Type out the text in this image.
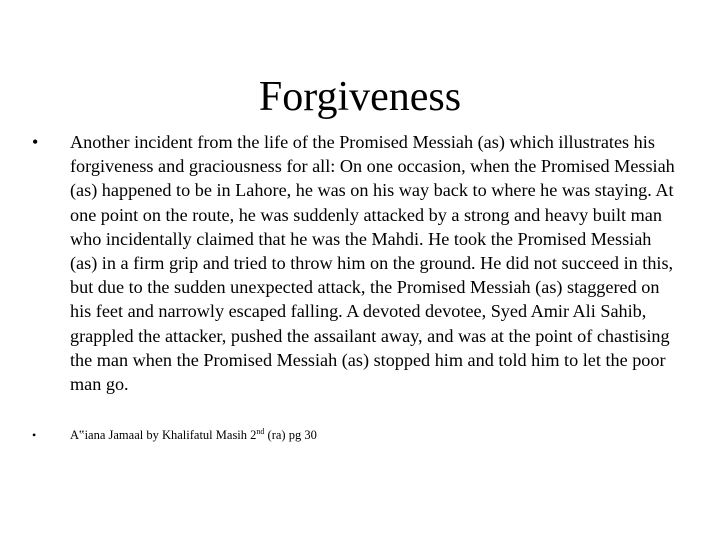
Forgiveness
• Another incident from the life of the Promised Messiah (as) which illustrates his forgiveness and graciousness for all: On one occasion, when the Promised Messiah (as) happened to be in Lahore, he was on his way back to where he was staying. At one point on the route, he was suddenly attacked by a strong and heavy built man who incidentally claimed that he was the Mahdi. He took the Promised Messiah (as) in a firm grip and tried to throw him on the ground. He did not succeed in this, but due to the sudden unexpected attack, the Promised Messiah (as) staggered on his feet and narrowly escaped falling. A devoted devotee, Syed Amir Ali Sahib, grappled the attacker, pushed the assailant away, and was at the point of chastising the man when the Promised Messiah (as) stopped him and told him to let the poor man go.
•	A‟iana Jamaal by Khalifatul Masih 2nd (ra) pg 30
